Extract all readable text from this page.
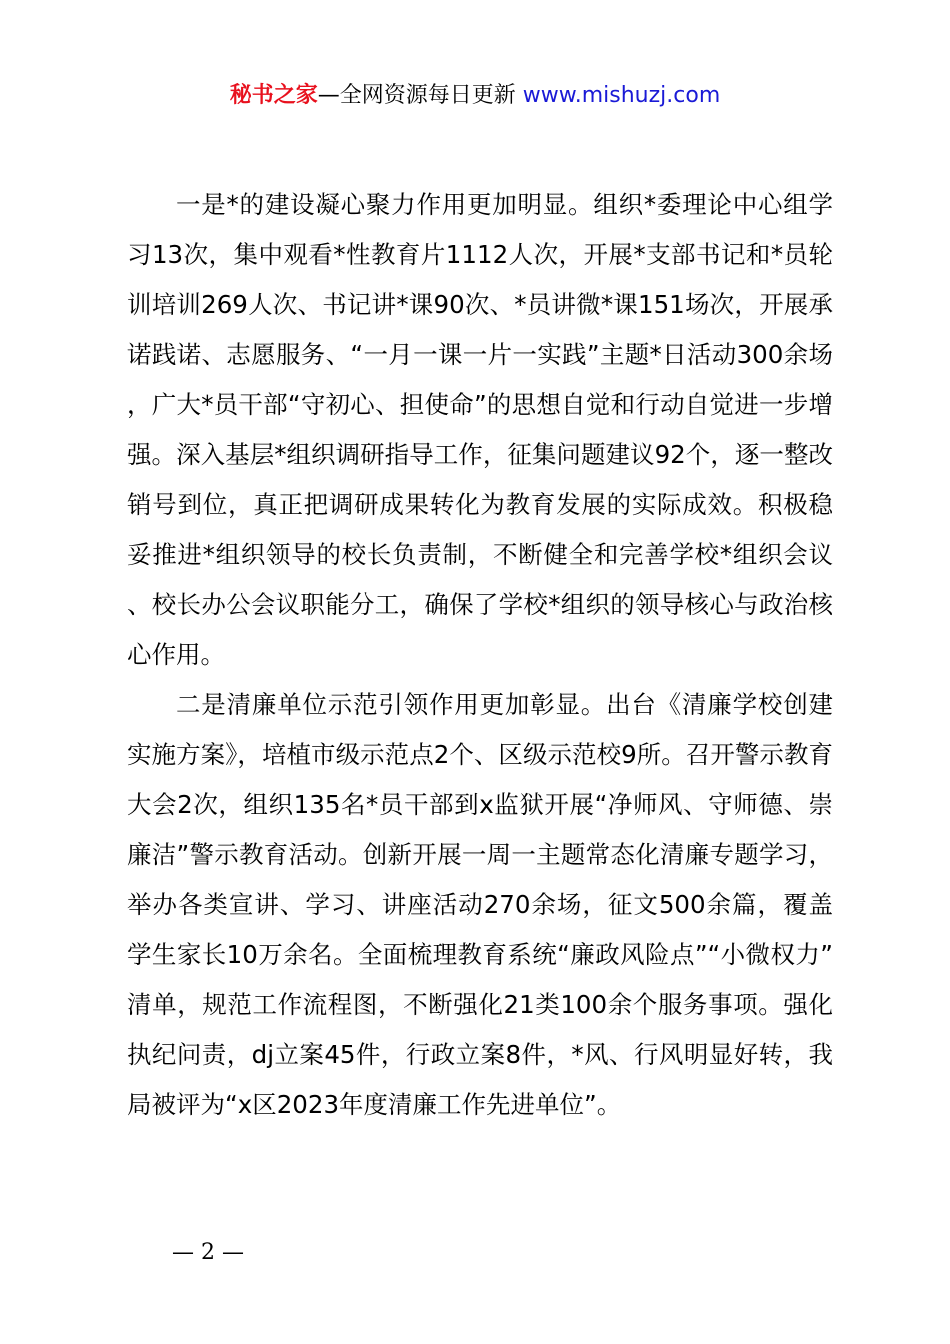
秘书之家—全网资源每日更新 www.mishuzj.com

一是*的建设凝心聚力作用更加明显。组织*委理论中心组学习13次，集中观看*性教育片1112人次，开展*支部书记和*员轮训培训269人次、书记讲*课90次、*员讲微*课151场次，开展承诺践诺、志愿服务、“一月一课一片一实践”主题*日活动300余场，广大*员干部“守初心、担使命”的思想自觉和行动自觉进一步增强。深入基层*组织调研指导工作，征集问题建议92个，逐一整改销号到位，真正把调研成果转化为教育发展的实际成效。积极稳妥推进*组织领导的校长负责制，不断健全和完善学校*组织会议、校长办公会议职能分工，确保了学校*组织的领导核心与政治核心作用。

二是清廉单位示范引领作用更加彰显。出台《清廉学校创建实施方案》，培植市级示范点2个、区级示范校9所。召开警示教育大会2次，组织135名*员干部到x监狱开展“净师风、守师德、崇廉洁”警示教育活动。创新开展一周一主题常态化清廉专题学习，举办各类宣讲、学习、讲座活动270余场，征文500余篇，覆盖学生家长10万余名。全面梳理教育系统“廉政风险点”“小微权力”清单，规范工作流程图，不断强化21类100余个服务事项。强化执纪问责，dj立案45件，行政立案8件，*风、行风明显好转，我局被评为“x区2023年度清廉工作先进单位”。

— 2 —
